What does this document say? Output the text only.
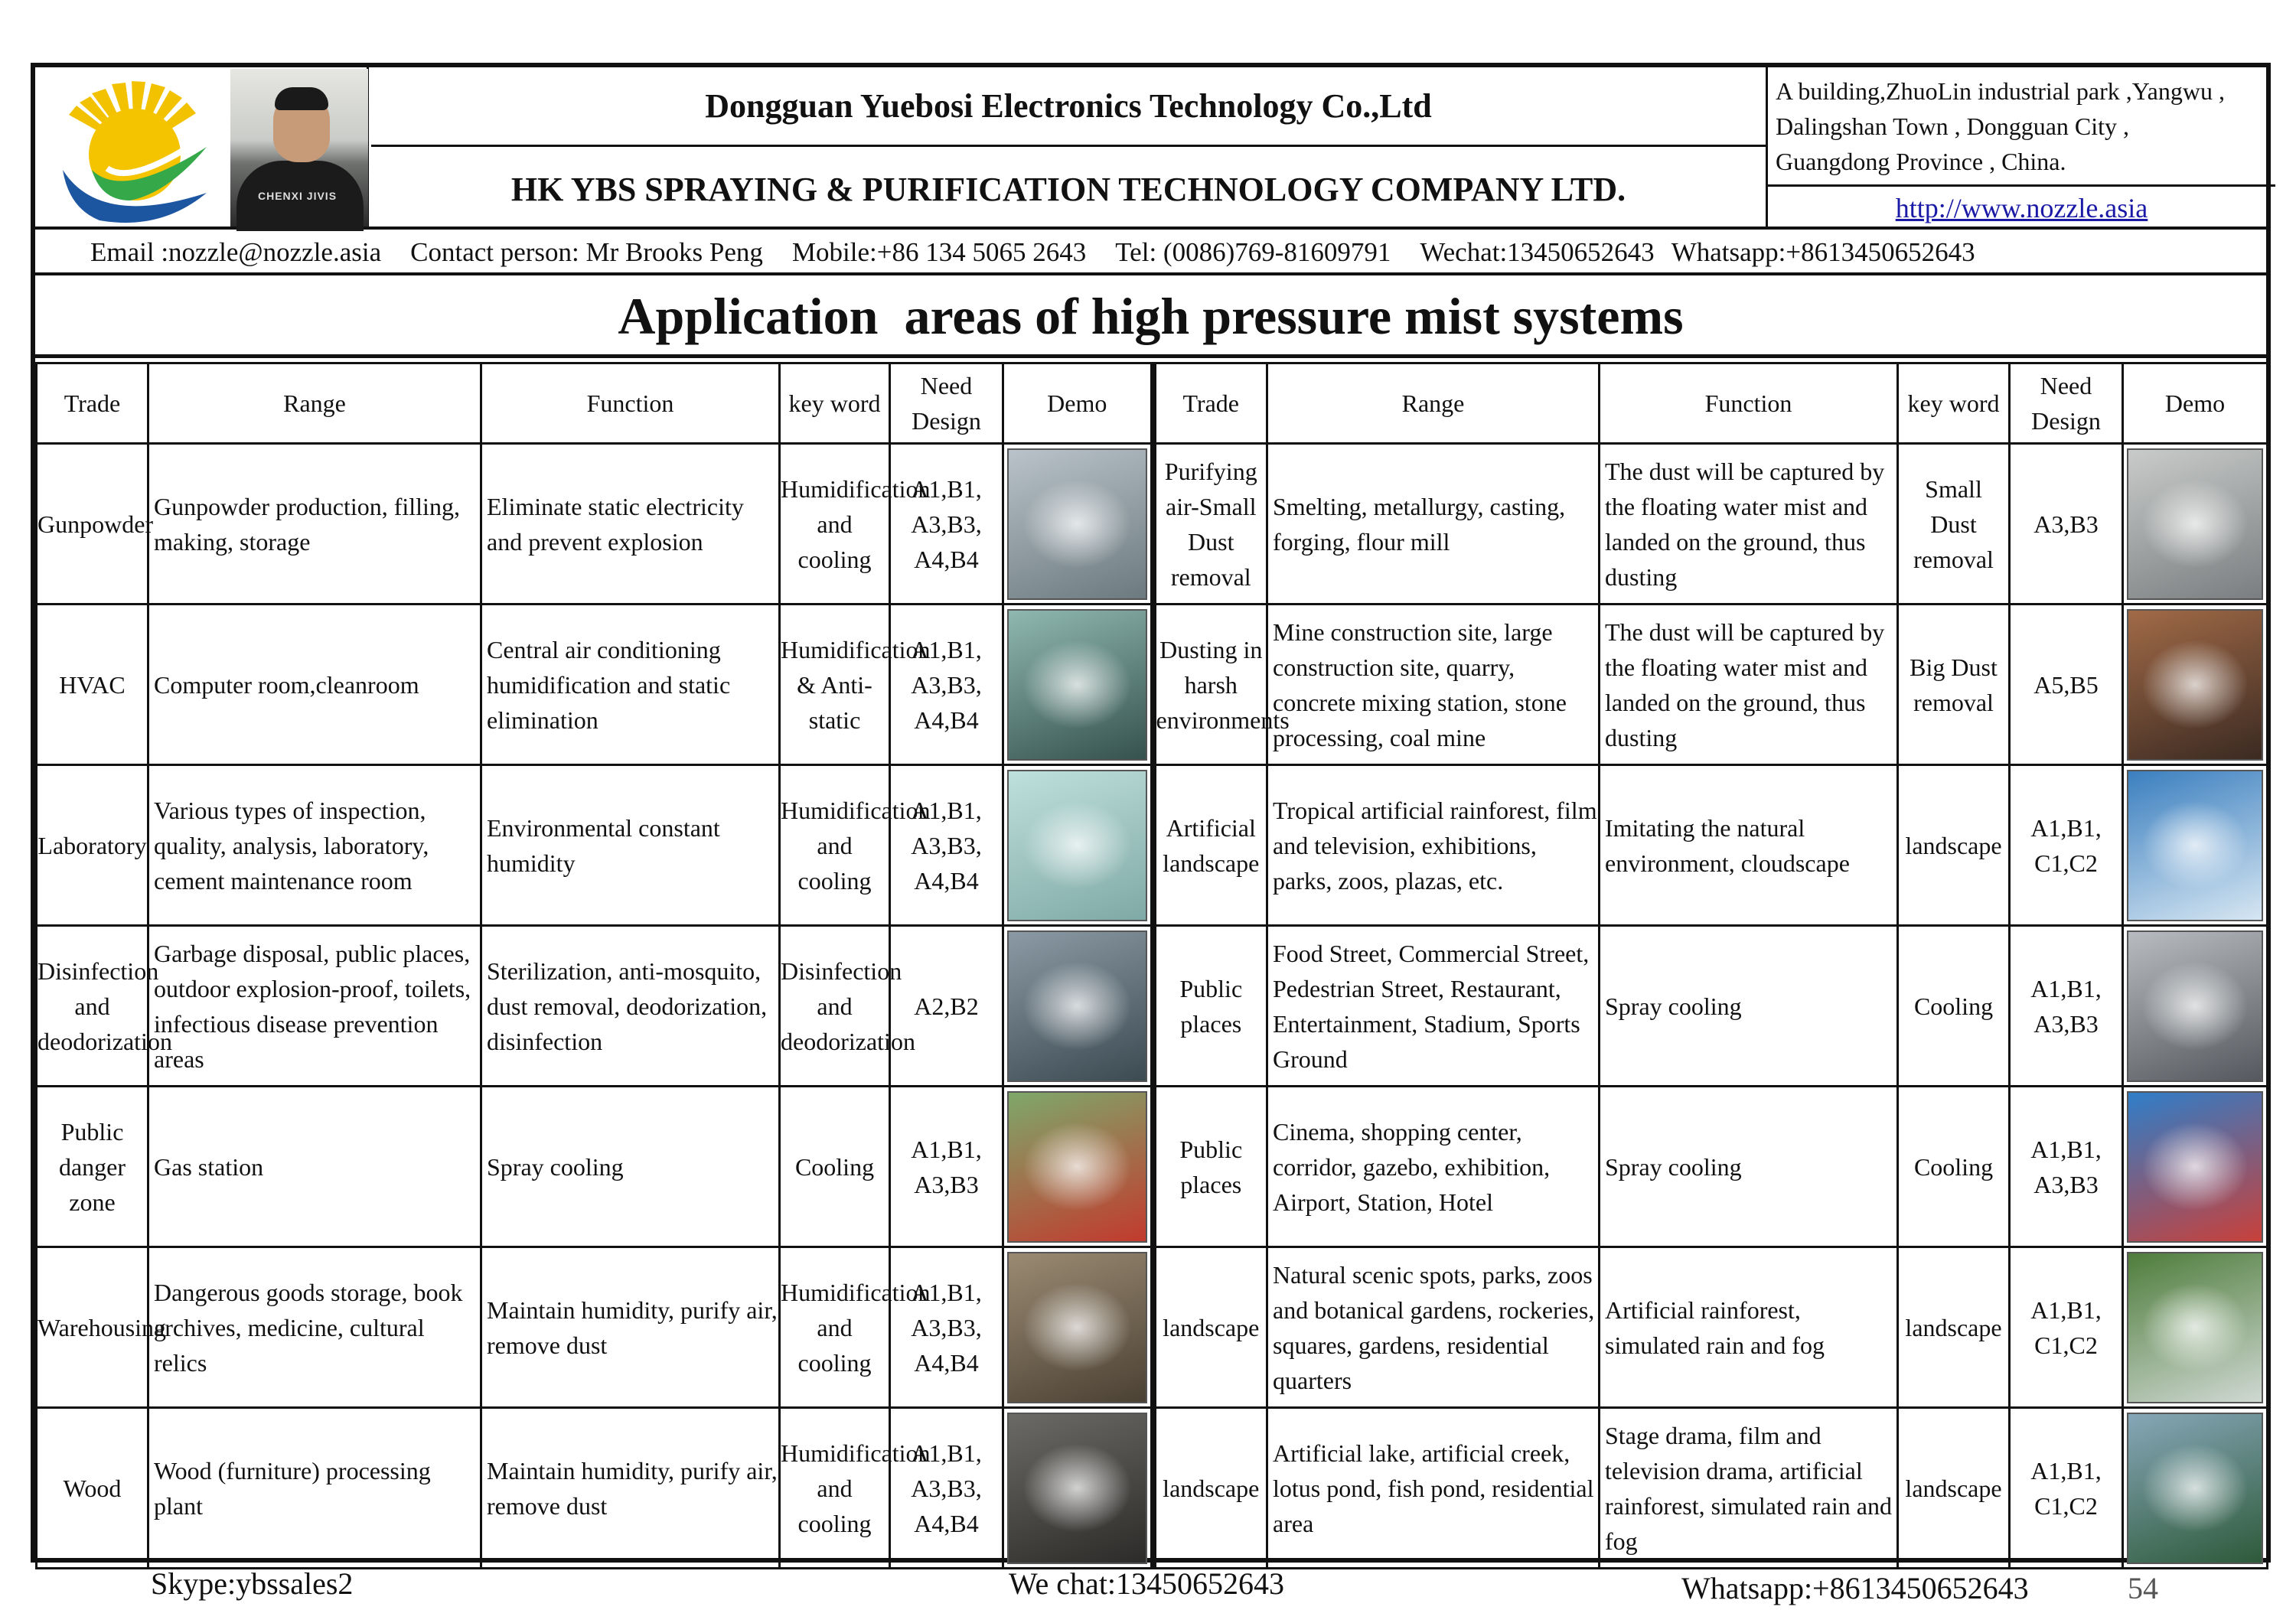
CHENXI JIVIS
Dongguan Yuebosi Electronics Technology Co.,Ltd
HK YBS SPRAYING & PURIFICATION TECHNOLOGY COMPANY LTD.
A building,ZhuoLin industrial park ,Yangwu ,
Dalingshan Town , Dongguan City ,
Guangdong Province , China.
http://www.nozzle.asia
Email :nozzle@nozzle.asia Contact person: Mr Brooks Peng Mobile:+86 134 5065 2643 Tel: (0086)769-81609791 Wechat:13450652643 Whatsapp:+8613450652643
Application  areas of high pressure mist systems
Trade	Range	Function	key word	Need Design	Demo	Trade	Range	Function	key word	Need Design	Demo
Gunpowder	Gunpowder production, filling, making, storage	Eliminate static electricity and prevent explosion	Humidification and cooling	A1,B1, A3,B3, A4,B4		Purifying air-Small Dust removal	Smelting, metallurgy, casting, forging, flour mill	The dust will be captured by the floating water mist and landed on the ground, thus dusting	Small Dust removal	A3,B3	

HVAC	Computer room,cleanroom	Central air conditioning humidification and static elimination	Humidification & Anti-static	A1,B1, A3,B3, A4,B4		Dusting in harsh environments	Mine construction site, large construction site, quarry, concrete mixing station, stone processing, coal mine	The dust will be captured by the floating water mist and landed on the ground, thus dusting	Big Dust removal	A5,B5	

Laboratory	Various types of inspection, quality, analysis, laboratory, cement maintenance room	Environmental constant humidity	Humidification and cooling	A1,B1, A3,B3, A4,B4		Artificial landscape	Tropical artificial rainforest, film and television, exhibitions, parks, zoos, plazas, etc.	Imitating the natural environment, cloudscape	landscape	A1,B1, C1,C2	

Disinfection and deodorization	Garbage disposal, public places, outdoor explosion-proof, toilets, infectious disease prevention areas	Sterilization, anti-mosquito, dust removal, deodorization, disinfection	Disinfection and deodorization	A2,B2		Public places	Food Street, Commercial Street, Pedestrian Street, Restaurant, Entertainment, Stadium, Sports Ground	Spray cooling	Cooling	A1,B1, A3,B3	

Public danger zone	Gas station	Spray cooling	Cooling	A1,B1, A3,B3		Public places	Cinema, shopping center, corridor, gazebo, exhibition, Airport, Station, Hotel	Spray cooling	Cooling	A1,B1, A3,B3	

Warehousing	Dangerous goods storage, book archives, medicine, cultural relics	Maintain humidity, purify air, remove dust	Humidification and cooling	A1,B1, A3,B3, A4,B4		landscape	Natural scenic spots, parks, zoos and botanical gardens, rockeries, squares, gardens, residential quarters	Artificial rainforest, simulated rain and fog	landscape	A1,B1, C1,C2	

Wood	Wood (furniture) processing plant	Maintain humidity, purify air, remove dust	Humidification and cooling	A1,B1, A3,B3, A4,B4		landscape	Artificial lake, artificial creek, lotus pond, fish pond, residential area	Stage drama, film and television drama, artificial rainforest, simulated rain and fog	landscape	A1,B1, C1,C2	
Skype:ybssales2	We chat:13450652643	Whatsapp:+8613450652643	54
